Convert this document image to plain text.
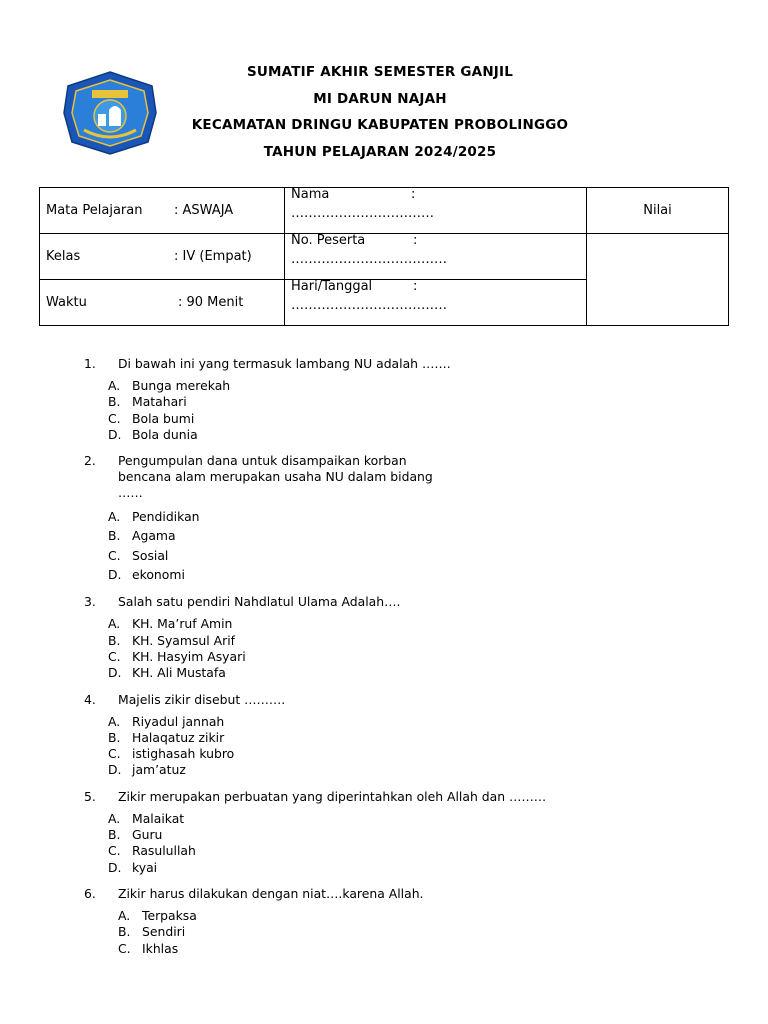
SUMATIF AKHIR SEMESTER GANJIL
MI DARUN NAJAH
KECAMATAN DRINGU KABUPATEN PROBOLINGGO
TAHUN PELAJARAN 2024/2025
Mata Pelajaran : ASWAJA	Nama :
……………………………	Nilai
Kelas : IV (Empat)	No. Peserta :
………………………………	

Waktu : 90 Menit	Hari/Tanggal :
………………………………	
1.	Di bawah ini yang termasuk lambang NU adalah …….
A. Bunga merekah
B. Matahari
C. Bola bumi
D. Bola dunia
2.	Pengumpulan dana untuk disampaikan korban
bencana alam merupakan usaha NU dalam bidang
……
A. Pendidikan
B. Agama
C. Sosial
D. ekonomi
3.	Salah satu pendiri Nahdlatul Ulama Adalah….
A. KH. Ma’ruf Amin
B. KH. Syamsul Arif
C. KH. Hasyim Asyari
D. KH. Ali Mustafa
4.	Majelis zikir disebut ……….
A. Riyadul jannah
B. Halaqatuz zikir
C. istighasah kubro
D. jam’atuz
5.	Zikir merupakan perbuatan yang diperintahkan oleh Allah dan ………
A. Malaikat
B. Guru
C. Rasulullah
D. kyai
6.	Zikir harus dilakukan dengan niat….karena Allah.
A. Terpaksa
B. Sendiri
C. Ikhlas
